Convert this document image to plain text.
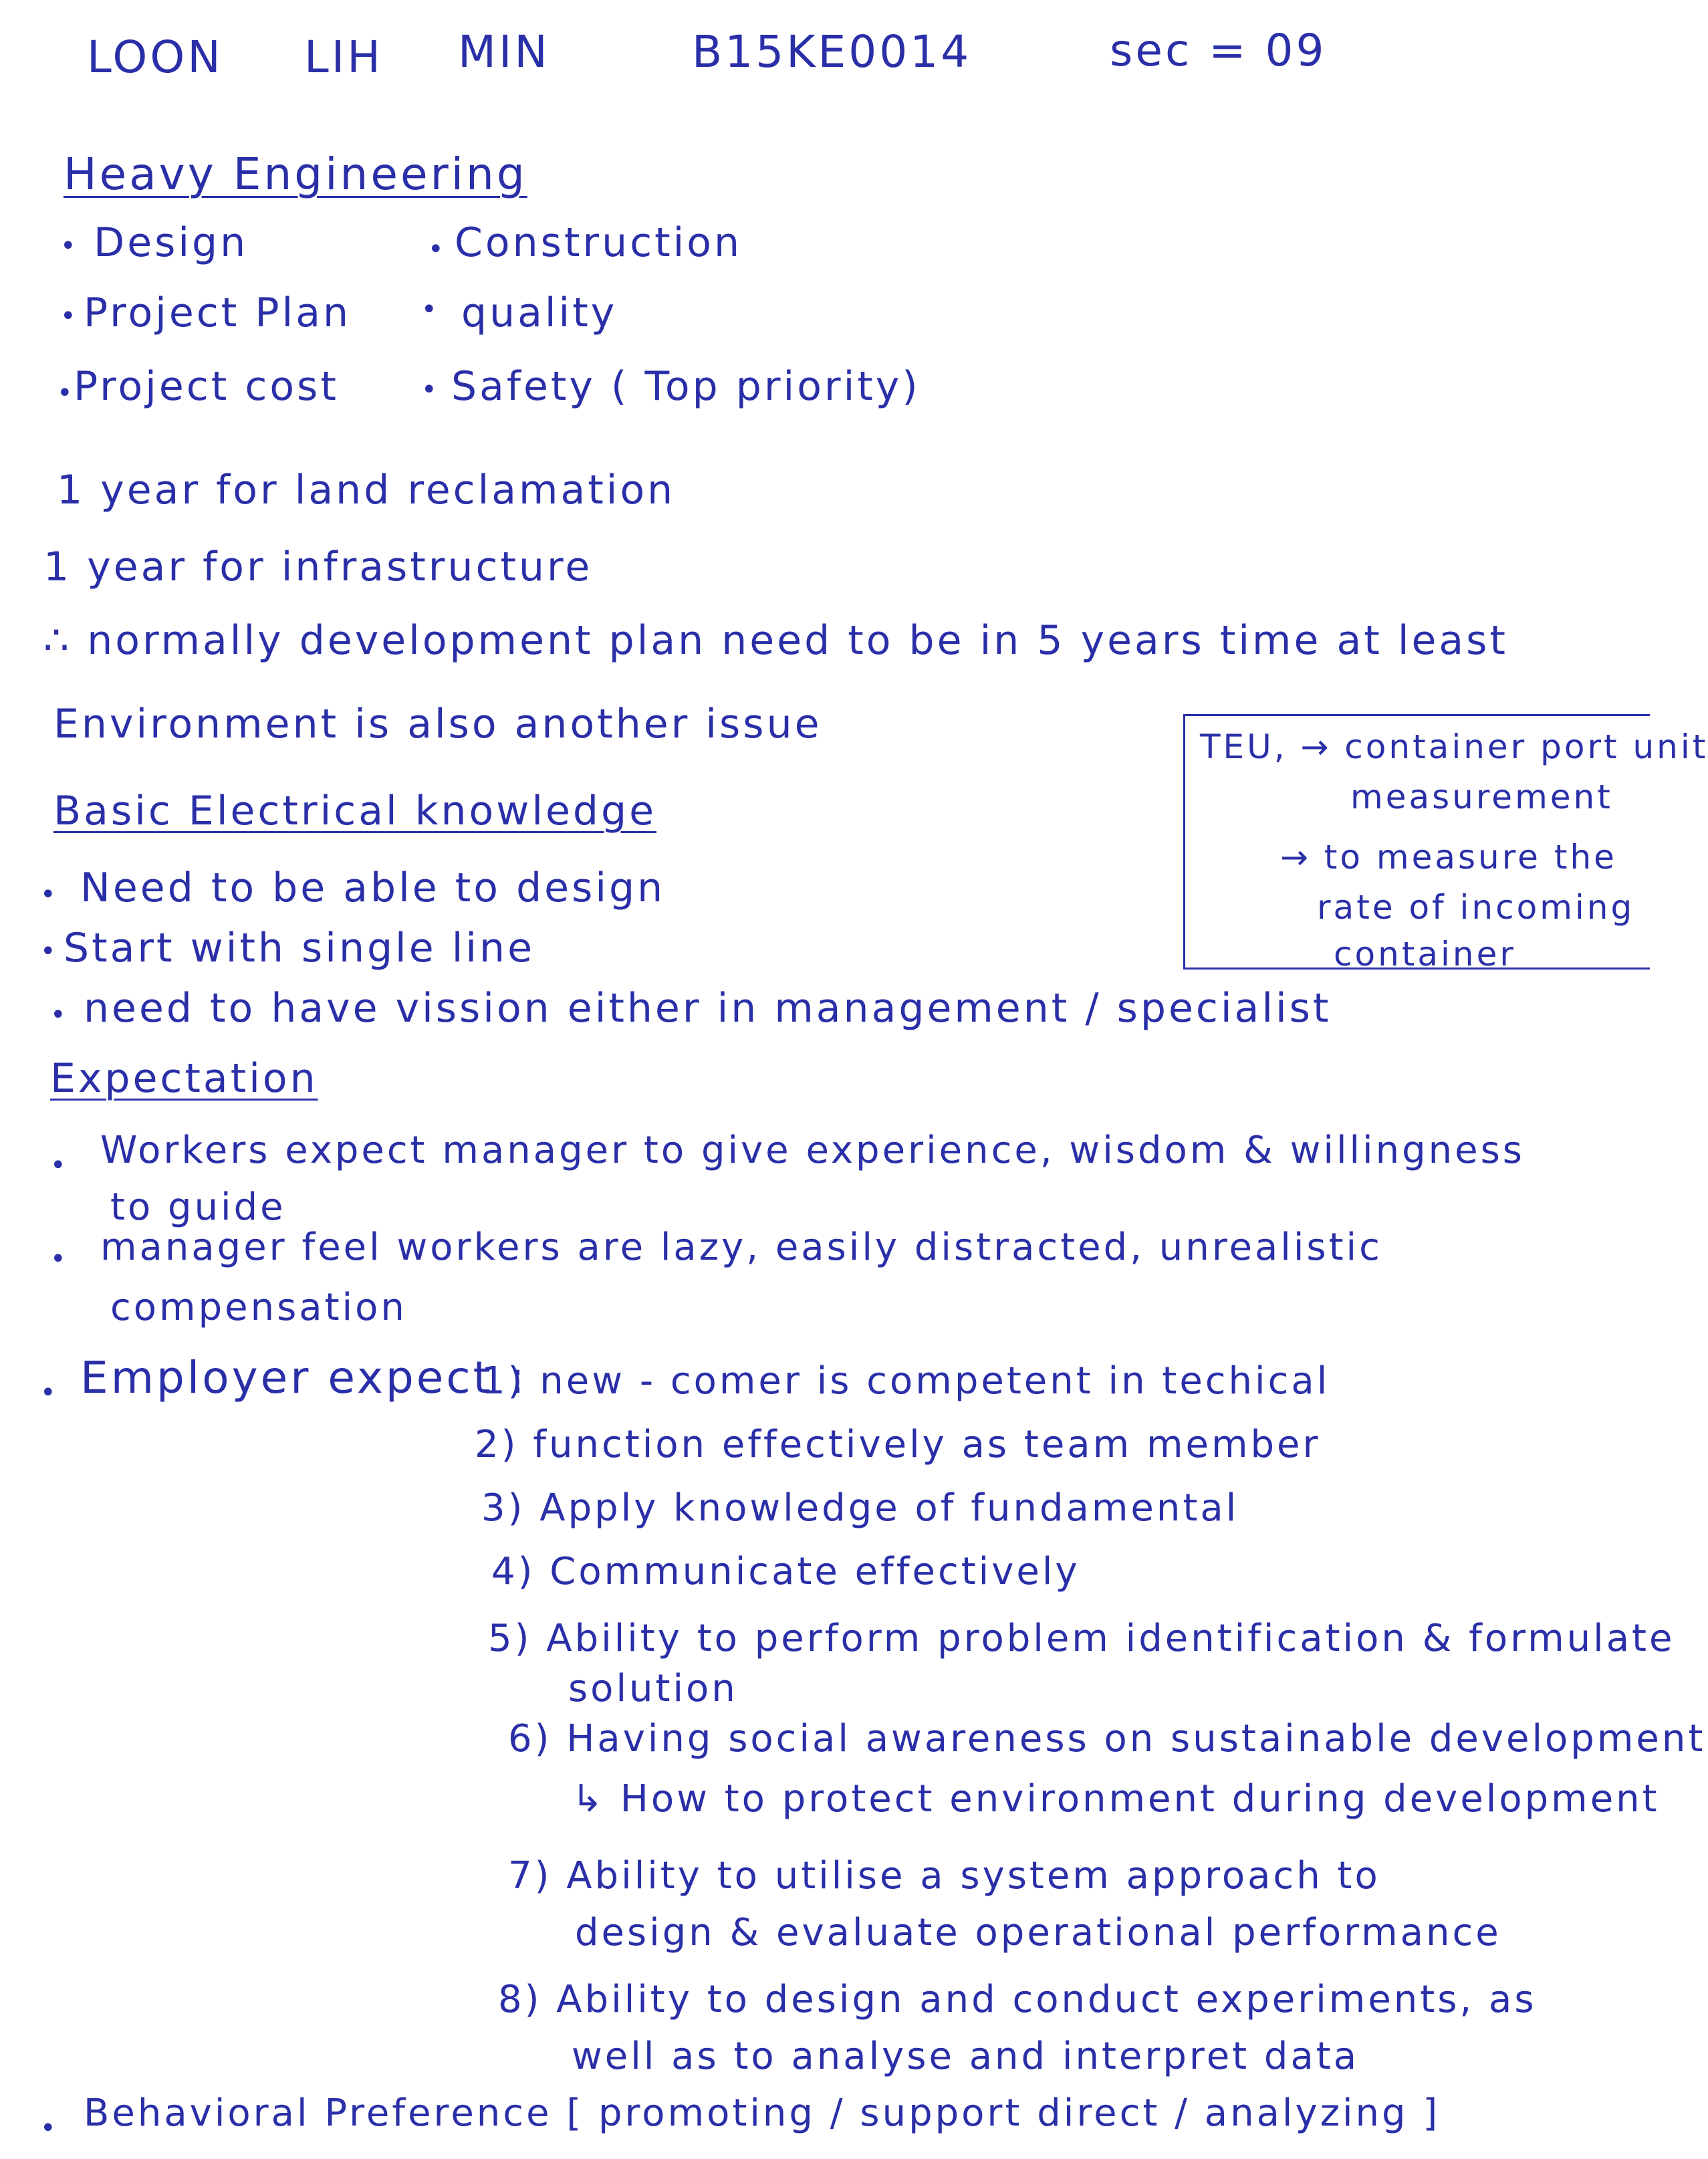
LOON LIH MIN	B15KE0014	sec = 09
Heavy Engineering
• Design
• Project Plan
• Project cost
• Construction
• quality
• Safety ( Top priority)
1 year for land reclamation
1 year for infrastructure
∴ normally development plan need to be in 5 years time at least
Environment is also another issue	TEU, → container port unit
measurement
→ to measure the
rate of incoming
container
Basic Electrical knowledge
• Need to be able to design
• Start with single line
• need to have vission either in management / specialist
Expectation
• Workers expect manager to give experience, wisdom & willingness
to guide
• manager feel workers are lazy, easily distracted, unrealistic
compensation
• Employer expect :
1) new - comer is competent in techical
2) function effectively as team member
3) Apply knowledge of fundamental
4) Communicate effectively
5) Ability to perform problem identification & formulate
solution
6) Having social awareness on sustainable development
↳ How to protect environment during development
7) Ability to utilise a system approach to
design & evaluate operational performance
8) Ability to design and conduct experiments, as
well as to analyse and interpret data
• Behavioral Preference [ promoting / support direct / analyzing ]
